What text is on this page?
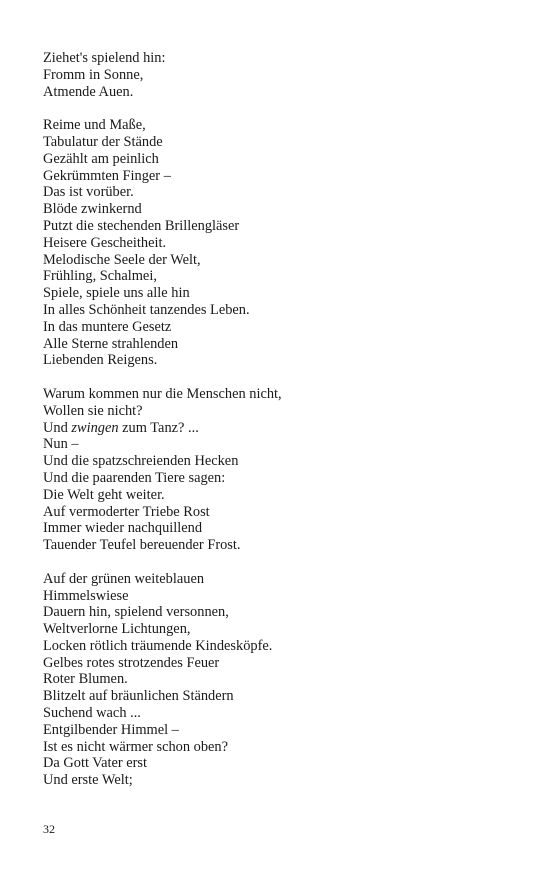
Ziehet's spielend hin:
Fromm in Sonne,
Atmende Auen.
Reime und Maße,
Tabulatur der Stände
Gezählt am peinlich
Gekrümmten Finger –
Das ist vorüber.
Blöde zwinkernd
Putzt die stechenden Brillengläser
Heisere Gescheitheit.
Melodische Seele der Welt,
Frühling, Schalmei,
Spiele, spiele uns alle hin
In alles Schönheit tanzendes Leben.
In das muntere Gesetz
Alle Sterne strahlenden
Liebenden Reigens.
Warum kommen nur die Menschen nicht,
Wollen sie nicht?
Und zwingen zum Tanz? ...
Nun –
Und die spatzschreienden Hecken
Und die paarenden Tiere sagen:
Die Welt geht weiter.
Auf vermoderter Triebe Rost
Immer wieder nachquillend
Tauender Teufel bereuender Frost.
Auf der grünen weiteblauen
Himmelswiese
Dauern hin, spielend versonnen,
Weltverlorne Lichtungen,
Locken rötlich träumende Kindesköpfe.
Gelbes rotes strotzendes Feuer
Roter Blumen.
Blitzelt auf bräunlichen Ständern
Suchend wach ...
Entgilbender Himmel –
Ist es nicht wärmer schon oben?
Da Gott Vater erst
Und erste Welt;
32
